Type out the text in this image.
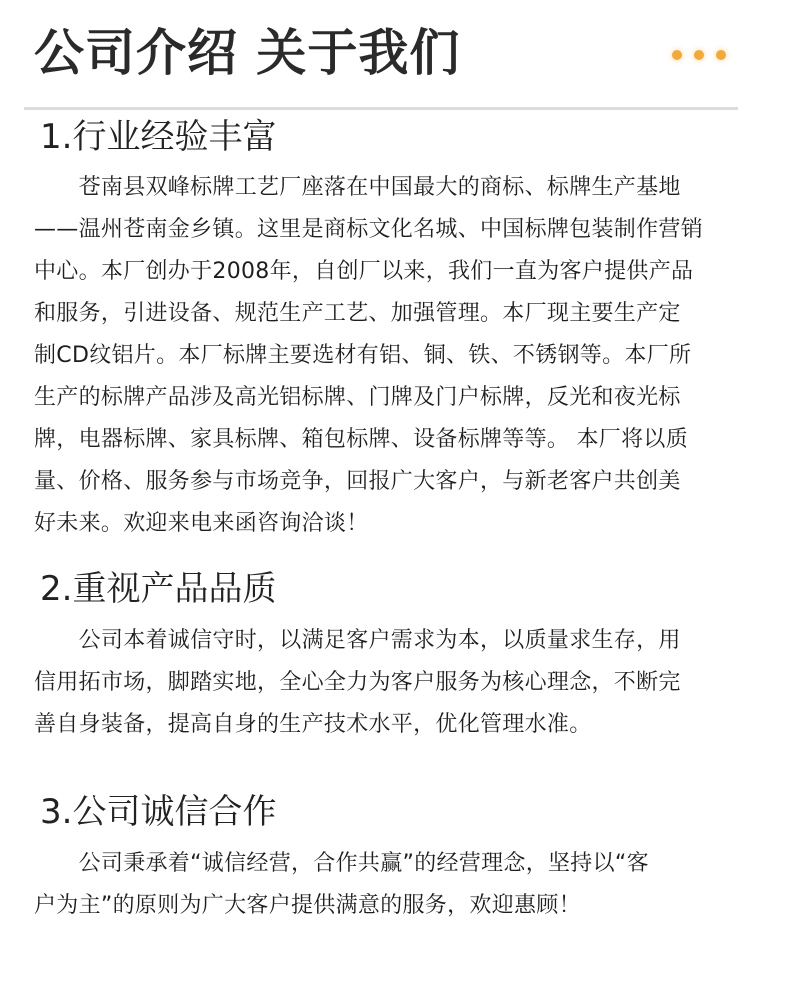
公司介绍 关于我们
1.行业经验丰富
　　苍南县双峰标牌工艺厂座落在中国最大的商标、标牌生产基地
——温州苍南金乡镇。这里是商标文化名城、中国标牌包装制作营销
中心。本厂创办于2008年，自创厂以来，我们一直为客户提供产品
和服务，引进设备、规范生产工艺、加强管理。本厂现主要生产定
制CD纹铝片。本厂标牌主要选材有铝、铜、铁、不锈钢等。本厂所
生产的标牌产品涉及高光铝标牌、门牌及门户标牌，反光和夜光标
牌，电器标牌、家具标牌、箱包标牌、设备标牌等等。 本厂将以质
量、价格、服务参与市场竞争，回报广大客户，与新老客户共创美
好未来。欢迎来电来函咨询洽谈！
2.重视产品品质
　　公司本着诚信守时，以满足客户需求为本，以质量求生存，用
信用拓市场，脚踏实地，全心全力为客户服务为核心理念，不断完
善自身装备，提高自身的生产技术水平，优化管理水准。
3.公司诚信合作
　　公司秉承着“诚信经营，合作共赢”的经营理念，坚持以“客
户为主”的原则为广大客户提供满意的服务，欢迎惠顾！
